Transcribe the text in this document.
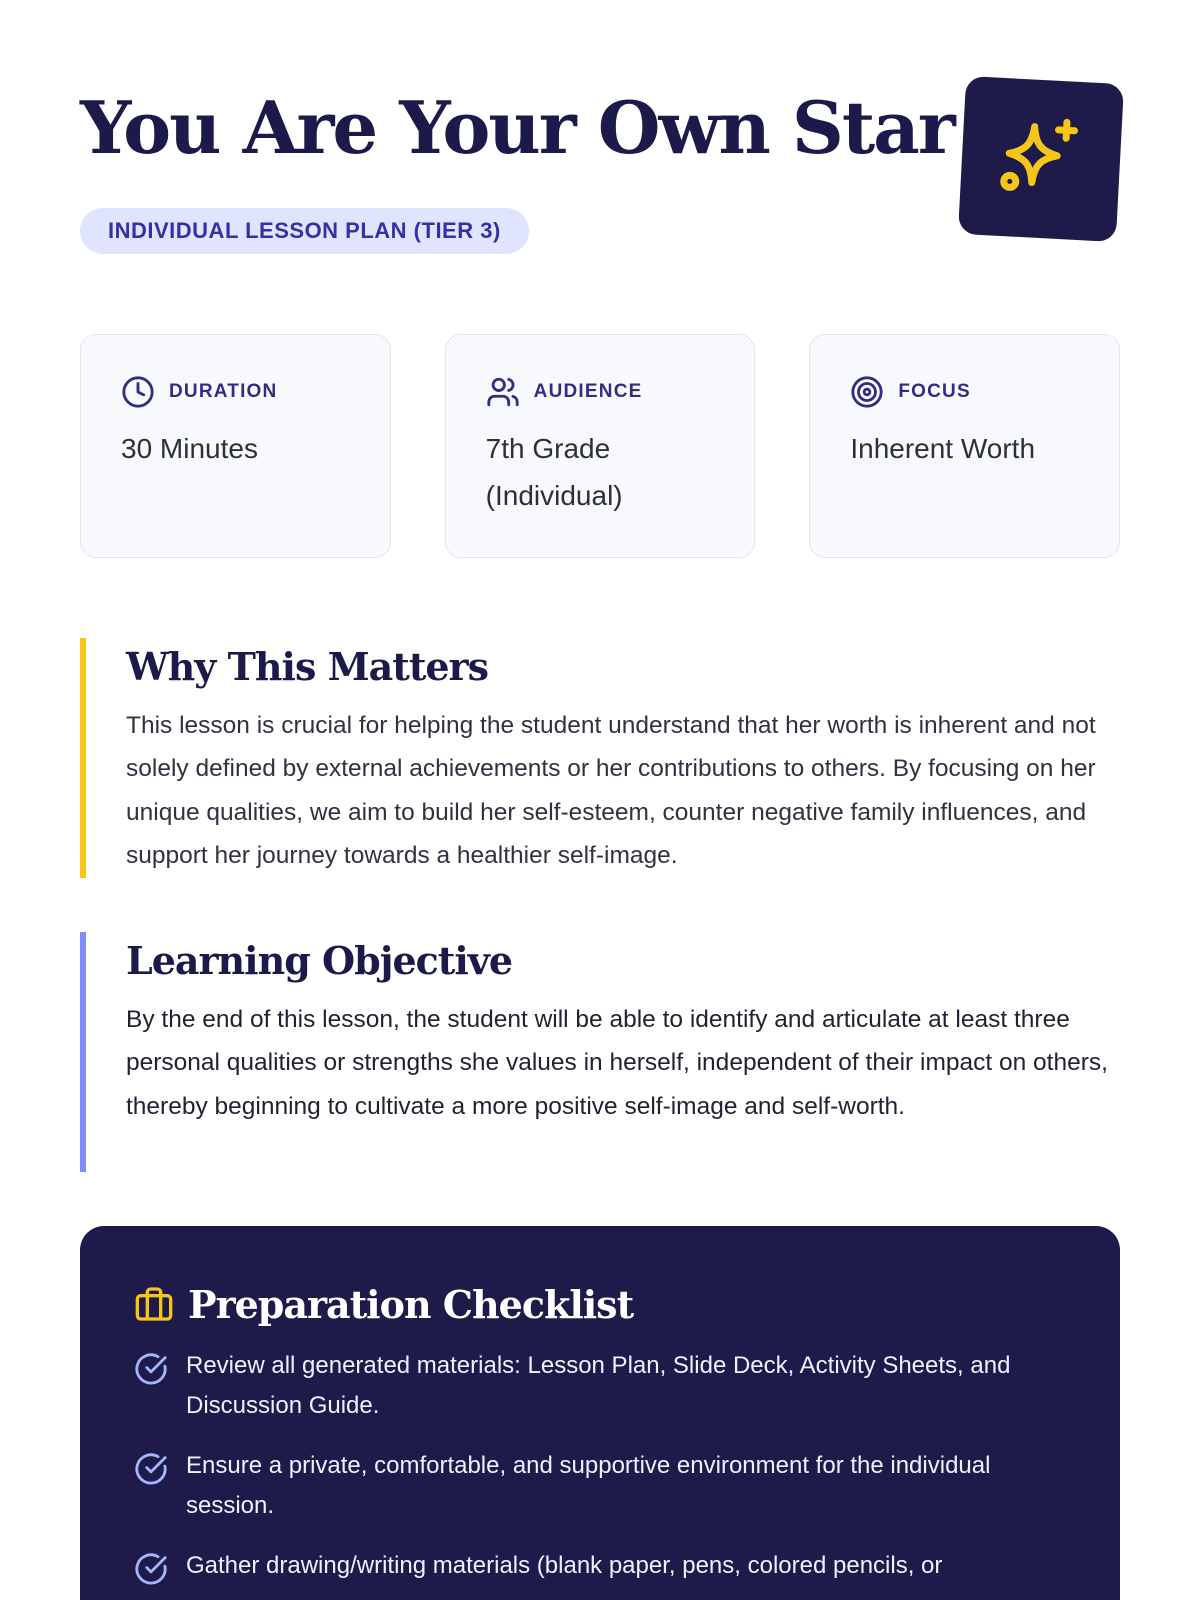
You Are Your Own Star
INDIVIDUAL LESSON PLAN (TIER 3)
DURATION
30 Minutes
AUDIENCE
7th Grade (Individual)
FOCUS
Inherent Worth
Why This Matters

This lesson is crucial for helping the student understand that her worth is inherent and not solely defined by external achievements or her contributions to others. By focusing on her unique qualities, we aim to build her self-esteem, counter negative family influences, and support her journey towards a healthier self-image.

Learning Objective

By the end of this lesson, the student will be able to identify and articulate at least three personal qualities or strengths she values in herself, independent of their impact on others, thereby beginning to cultivate a more positive self-image and self-worth.

Preparation Checklist
Review all generated materials: Lesson Plan, Slide Deck, Activity Sheets, and Discussion Guide.
Ensure a private, comfortable, and supportive environment for the individual session.
Gather drawing/writing materials (blank paper, pens, colored pencils, or
